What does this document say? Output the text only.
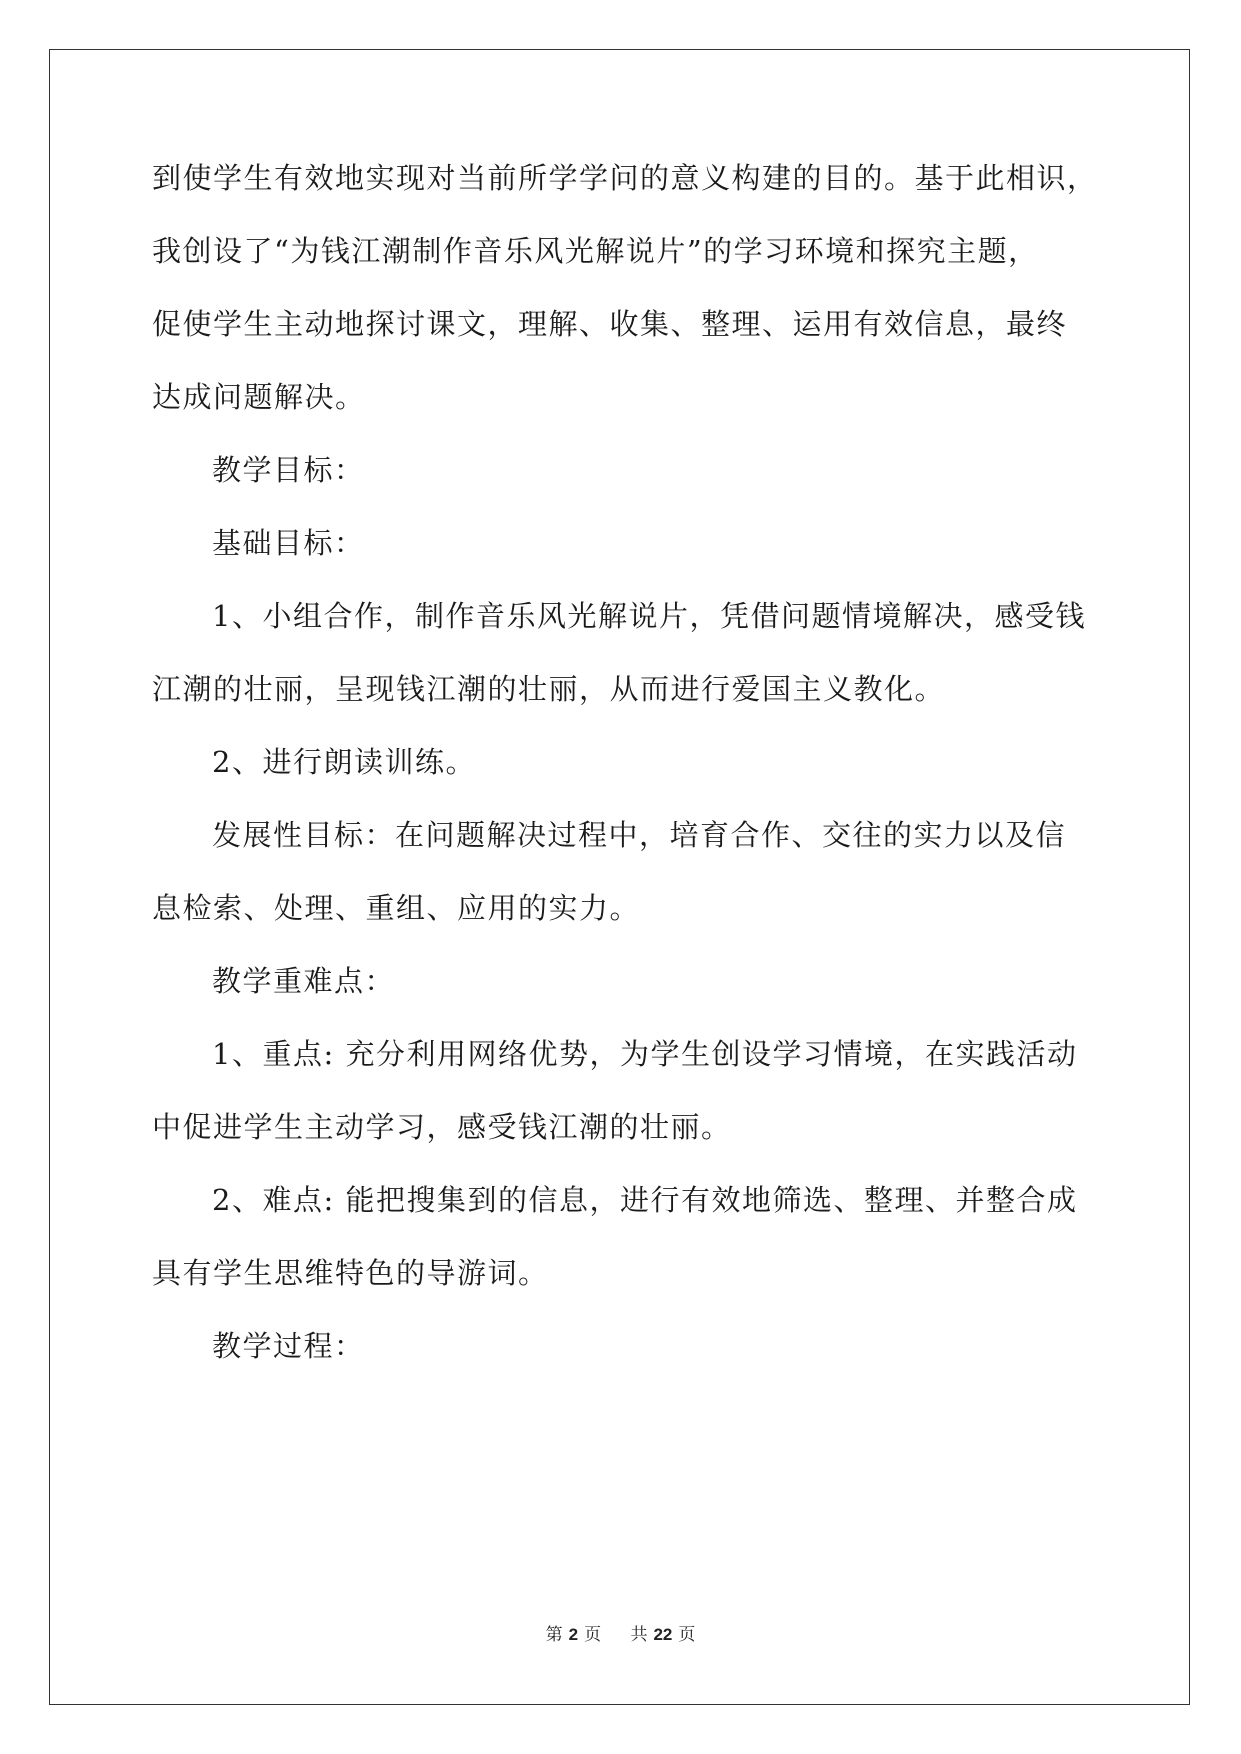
到使学生有效地实现对当前所学学问的意义构建的目的。基于此相识，
我创设了“为钱江潮制作音乐风光解说片”的学习环境和探究主题，
促使学生主动地探讨课文，理解、收集、整理、运用有效信息，最终
达成问题解决。
教学目标：
基础目标：
1、小组合作，制作音乐风光解说片，凭借问题情境解决，感受钱
江潮的壮丽，呈现钱江潮的壮丽，从而进行爱国主义教化。
2、进行朗读训练。
发展性目标：在问题解决过程中，培育合作、交往的实力以及信
息检索、处理、重组、应用的实力。
教学重难点：
1、重点: 充分利用网络优势，为学生创设学习情境，在实践活动
中促进学生主动学习，感受钱江潮的壮丽。
2、难点: 能把搜集到的信息，进行有效地筛选、整理、并整合成
具有学生思维特色的导游词。
教学过程：
第 2 页 共 22 页
